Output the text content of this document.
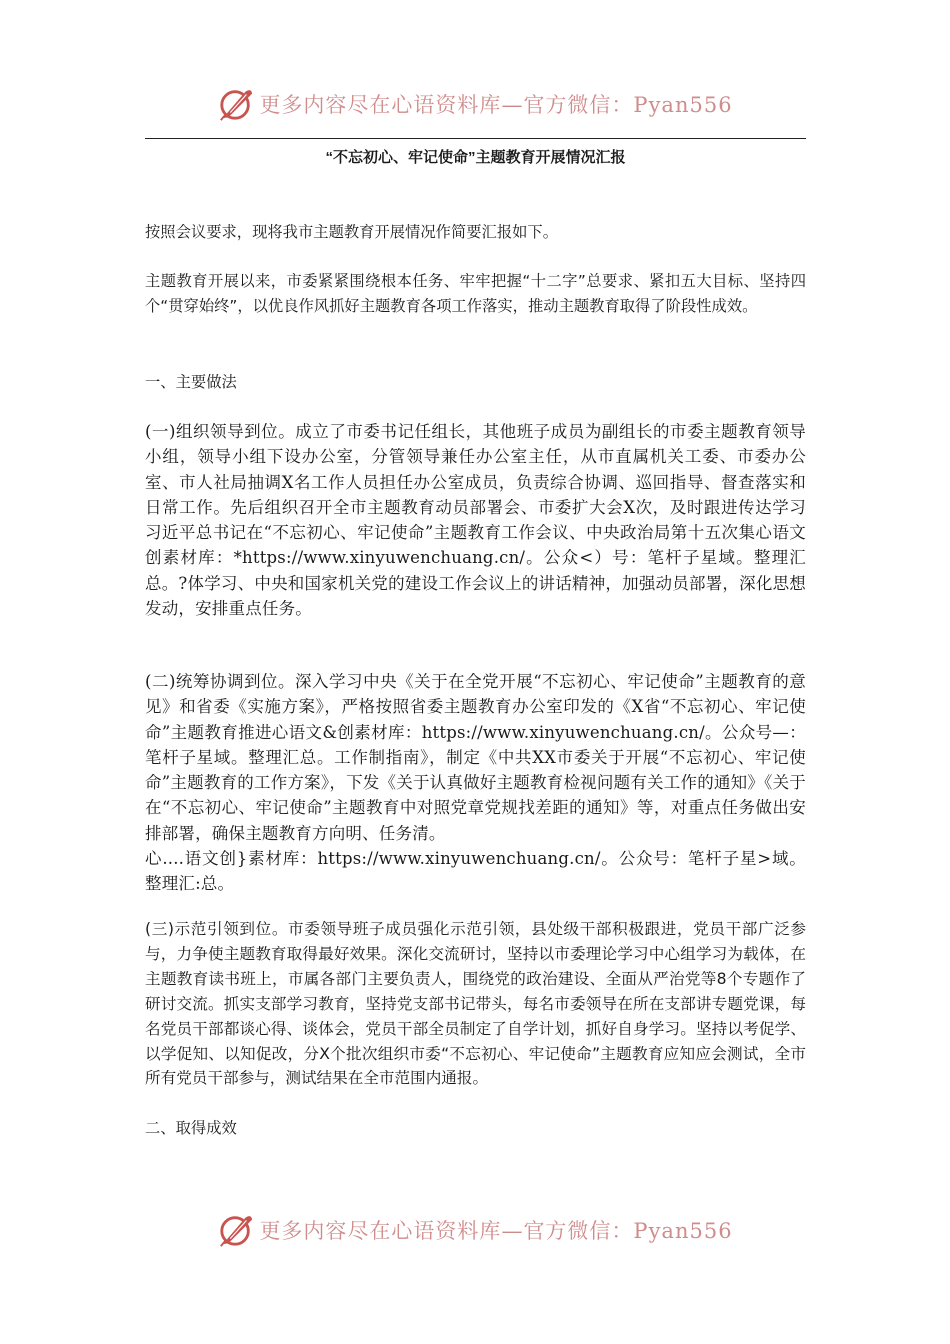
更多内容尽在心语资料库—官方微信：Pyan556
“不忘初心、牢记使命”主题教育开展情况汇报

按照会议要求，现将我市主题教育开展情况作简要汇报如下。

主题教育开展以来，市委紧紧围绕根本任务、牢牢把握“十二字”总要求、紧扣五大目标、坚持四个“贯穿始终”，以优良作风抓好主题教育各项工作落实，推动主题教育取得了阶段性成效。

一、主要做法

(一)组织领导到位。成立了市委书记任组长，其他班子成员为副组长的市委主题教育领导小组，领导小组下设办公室，分管领导兼任办公室主任，从市直属机关工委、市委办公室、市人社局抽调X名工作人员担任办公室成员，负责综合协调、巡回指导、督查落实和日常工作。先后组织召开全市主题教育动员部署会、市委扩大会X次，及时跟进传达学习习近平总书记在“不忘初心、牢记使命”主题教育工作会议、中央政治局第十五次集心语文创素材库：*https://www.xinyuwenchuang.cn/。公众<）号：笔杆子星域。整理汇总。?体学习、中央和国家机关党的建设工作会议上的讲话精神，加强动员部署，深化思想发动，安排重点任务。

(二)统筹协调到位。深入学习中央《关于在全党开展“不忘初心、牢记使命”主题教育的意见》和省委《实施方案》，严格按照省委主题教育办公室印发的《X省“不忘初心、牢记使命”主题教育推进心语文&创素材库：https://www.xinyuwenchuang.cn/。公众号—：笔杆子星域。整理汇总。工作制指南》，制定《中共XX市委关于开展“不忘初心、牢记使命”主题教育的工作方案》，下发《关于认真做好主题教育检视问题有关工作的通知》《关于在“不忘初心、牢记使命”主题教育中对照党章党规找差距的通知》等，对重点任务做出安排部署，确保主题教育方向明、任务清。
心....语文创}素材库：https://www.xinyuwenchuang.cn/。公众号：笔杆子星>域。整理汇:总。

(三)示范引领到位。市委领导班子成员强化示范引领，县处级干部积极跟进，党员干部广泛参与，力争使主题教育取得最好效果。深化交流研讨，坚持以市委理论学习中心组学习为载体，在主题教育读书班上，市属各部门主要负责人，围绕党的政治建设、全面从严治党等8个专题作了研讨交流。抓实支部学习教育，坚持党支部书记带头，每名市委领导在所在支部讲专题党课，每名党员干部都谈心得、谈体会，党员干部全员制定了自学计划，抓好自身学习。坚持以考促学、以学促知、以知促改，分X个批次组织市委“不忘初心、牢记使命”主题教育应知应会测试，全市所有党员干部参与，测试结果在全市范围内通报。

二、取得成效

更多内容尽在心语资料库—官方微信：Pyan556
